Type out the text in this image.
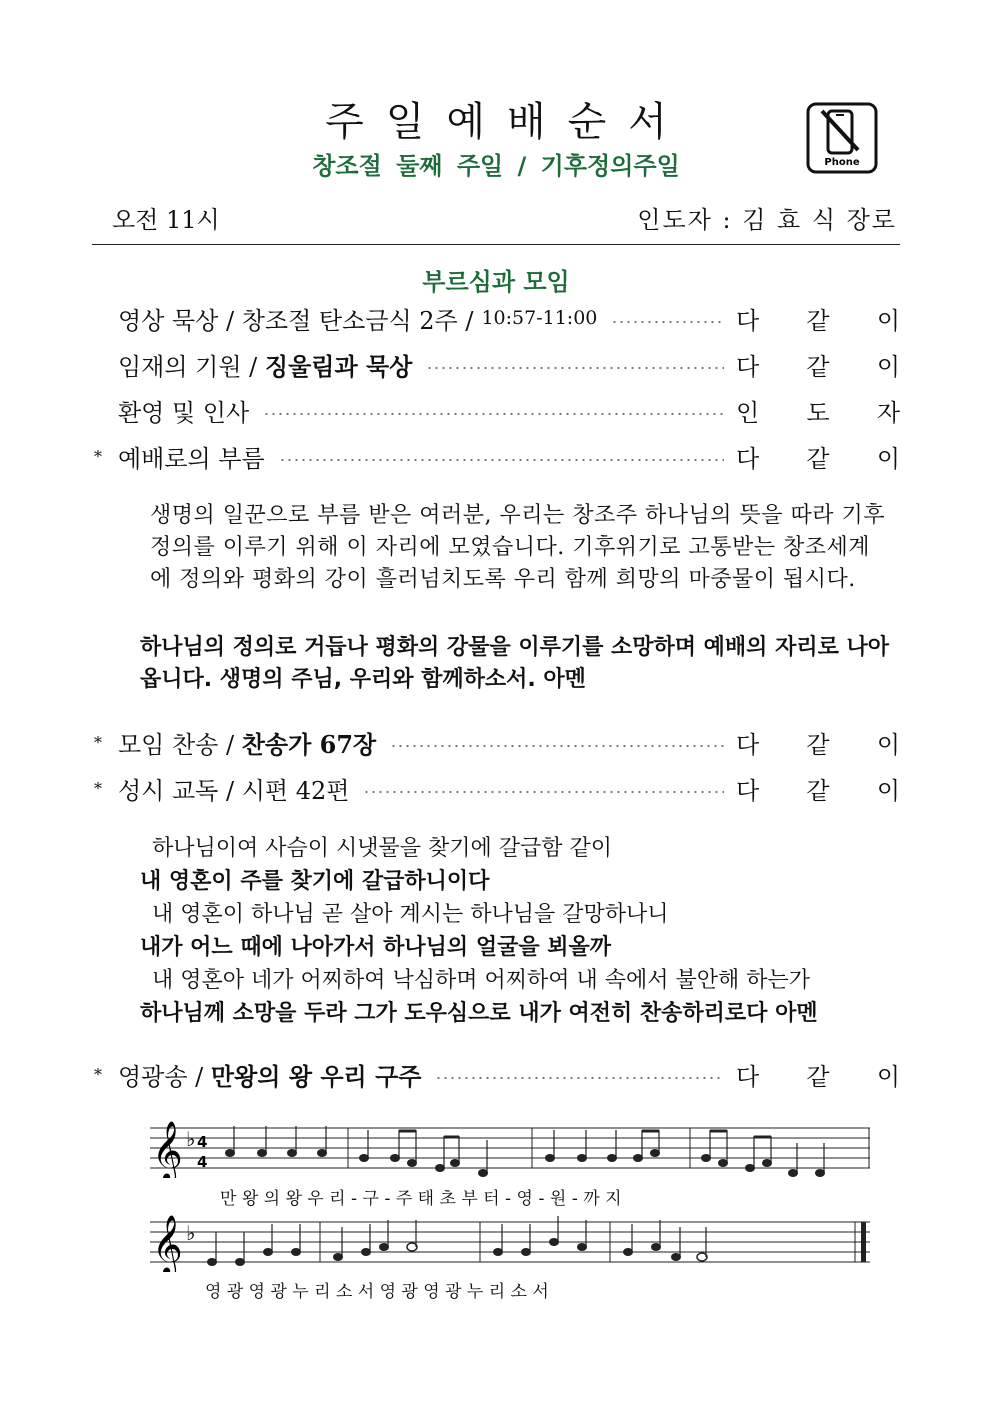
주일예배순서
창조절 둘째 주일 / 기후정의주일	Phone
오전 11시	인도자 : 김 효 식 장로
부르심과 모임
영상 묵상 / 창조절 탄소금식 2주 / 10:57-11:00	다 같 이
임재의 기원 / 징울림과 묵상	다 같 이
환영 및 인사	인 도 자
* 예배로의 부름	다 같 이
생명의 일꾼으로 부름 받은 여러분, 우리는 창조주 하나님의 뜻을 따라 기후정의를 이루기 위해 이 자리에 모였습니다. 기후위기로 고통받는 창조세계에 정의와 평화의 강이 흘러넘치도록 우리 함께 희망의 마중물이 됩시다.
하나님의 정의로 거듭나 평화의 강물을 이루기를 소망하며 예배의 자리로 나아옵니다. 생명의 주님, 우리와 함께하소서. 아멘
* 모임 찬송 / 찬송가 67장	다 같 이
* 성시 교독 / 시편 42편	다 같 이
하나님이여 사슴이 시냇물을 찾기에 갈급함 같이
내 영혼이 주를 찾기에 갈급하니이다
내 영혼이 하나님 곧 살아 계시는 하나님을 갈망하나니
내가 어느 때에 나아가서 하나님의 얼굴을 뵈올까
내 영혼아 네가 어찌하여 낙심하며 어찌하여 내 속에서 불안해 하는가
하나님께 소망을 두라 그가 도우심으로 내가 여전히 찬송하리로다 아멘
* 영광송 / 만왕의 왕 우리 구주	다 같 이
𝄞 ♭ 4
4
만 왕 의 왕 우 리 - 구 - 주 태 초 부 터 - 영 - 원 - 까 지
𝄞 ♭
영 광 영 광 누 리 소 서 영 광 영 광 누 리 소 서
